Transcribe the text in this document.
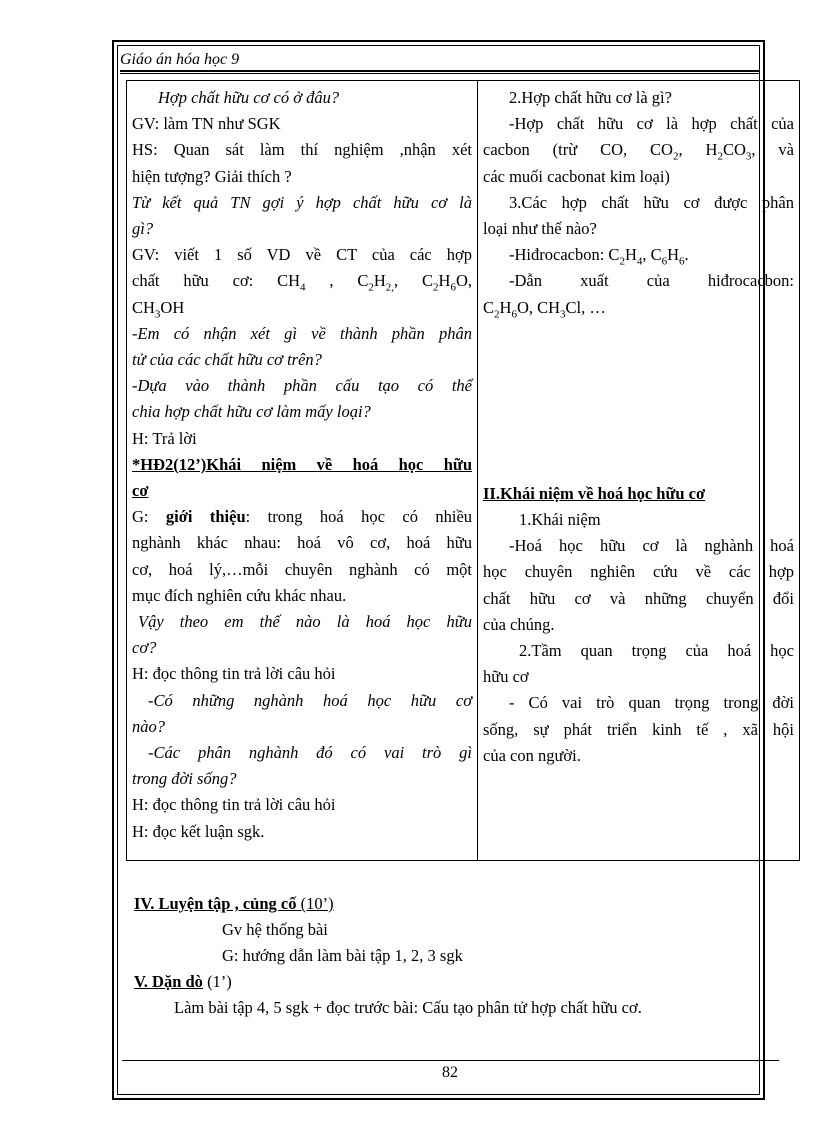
Giáo án hóa học 9
Hợp chất hữu cơ có ở đâu?
GV: làm TN như SGK
HS: Quan sát làm thí nghiệm ,nhận xét
hiện tượng? Giải thích ?
Từ kết quả TN gợi ý hợp chất hữu cơ là
gì?
GV: viết 1 số VD về CT của các hợp
chất hữu cơ: $CH_4$ , $C_2H_{2,}$, $C_2H_6O$,
$CH_3OH$
-Em có nhận xét gì về thành phần phân
tử của các chất hữu cơ trên?
-Dựa vào thành phần cấu tạo có thể
chia hợp chất hữu cơ làm mấy loại?
H: Trả lời
*HĐ2(12’)Khái niệm về hoá học hữu
cơ
G: giới thiệu: trong hoá học có nhiều
nghành khác nhau: hoá vô cơ, hoá hữu
cơ, hoá lý,…mỗi chuyên nghành có một
mục đích nghiên cứu khác nhau.
Vậy theo em thế nào là hoá học hữu
cơ?
H: đọc thông tin trả lời câu hỏi
-Có những nghành hoá học hữu cơ
nào?
-Các phân nghành đó có vai trò gì
trong đời sống?
H: đọc thông tin trả lời câu hỏi
H: đọc kết luận sgk.

2.Hợp chất hữu cơ là gì?
-Hợp chất hữu cơ là hợp chất của
cacbon (trừ CO, $CO_2$, $H_2CO_3$, và
các muối cacbonat kim loại)
3.Các hợp chất hữu cơ được phân
loại như thế nào?
-Hiđrocacbon: $C_2H_4$, $C_6H_6$.
-Dẫn xuất của hiđrocacbon:
$C_2H_6O$, $CH_3Cl$, …
II.Khái niệm về hoá học hữu cơ
1.Khái niệm
-Hoá học hữu cơ là nghành hoá
học chuyên nghiên cứu về các hợp
chất hữu cơ và những chuyển đổi
của chúng.
2.Tầm quan trọng của hoá học
hữu cơ
- Có vai trò quan trọng trong đời
sống, sự phát triển kinh tế , xã hội
của con người.
IV. Luyện tập , củng cố (10’)
Gv hệ thống bài
G: hướng dẫn làm bài tập 1, 2, 3 sgk
V. Dặn dò (1’)
Làm bài tập 4, 5 sgk + đọc trước bài: Cấu tạo phân tử hợp chất hữu cơ.
82
